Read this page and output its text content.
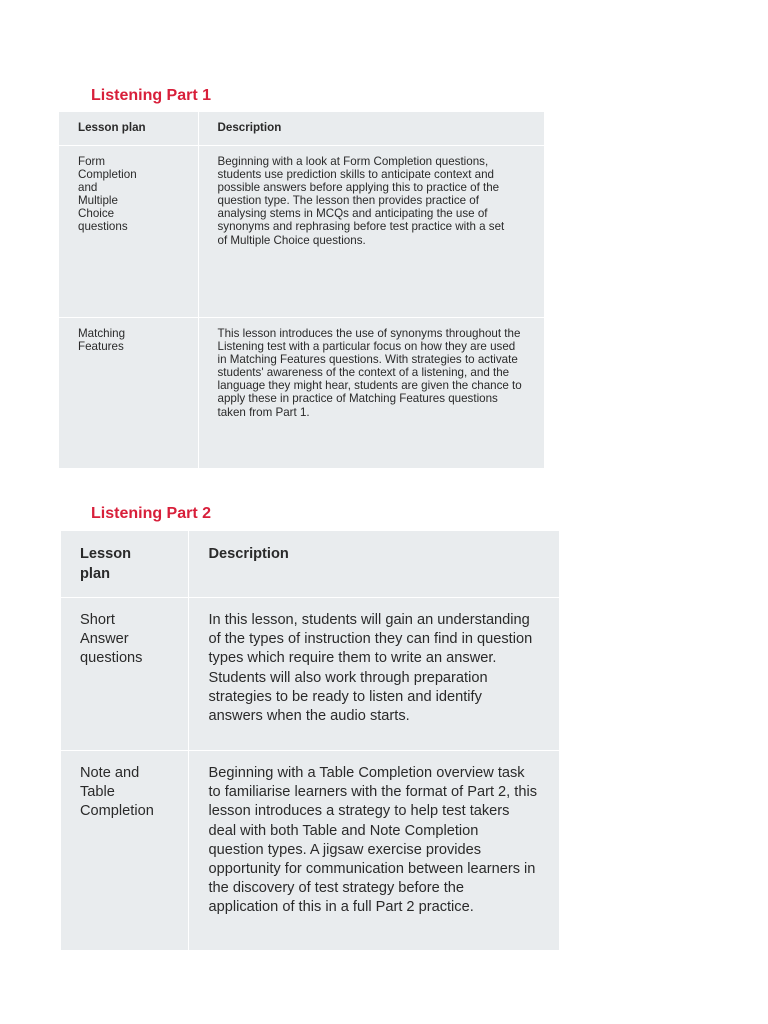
Listening Part 1

Lesson plan	Description

Form Completion and Multiple Choice questions	Beginning with a look at Form Completion questions, students use prediction skills to anticipate context and possible answers before applying this to practice of the question type. The lesson then provides practice of analysing stems in MCQs and anticipating the use of synonyms and rephrasing before test practice with a set of Multiple Choice questions.

Matching Features	This lesson introduces the use of synonyms throughout the Listening test with a particular focus on how they are used in Matching Features questions. With strategies to activate students' awareness of the context of a listening, and the language they might hear, students are given the chance to apply these in practice of Matching Features questions taken from Part 1.

Listening Part 2

Lesson plan	Description

Short Answer questions	In this lesson, students will gain an understanding of the types of instruction they can find in question types which require them to write an answer. Students will also work through preparation strategies to be ready to listen and identify answers when the audio starts.

Note and Table Completion	Beginning with a Table Completion overview task to familiarise learners with the format of Part 2, this lesson introduces a strategy to help test takers deal with both Table and Note Completion question types. A jigsaw exercise provides opportunity for communication between learners in the discovery of test strategy before the application of this in a full Part 2 practice.
